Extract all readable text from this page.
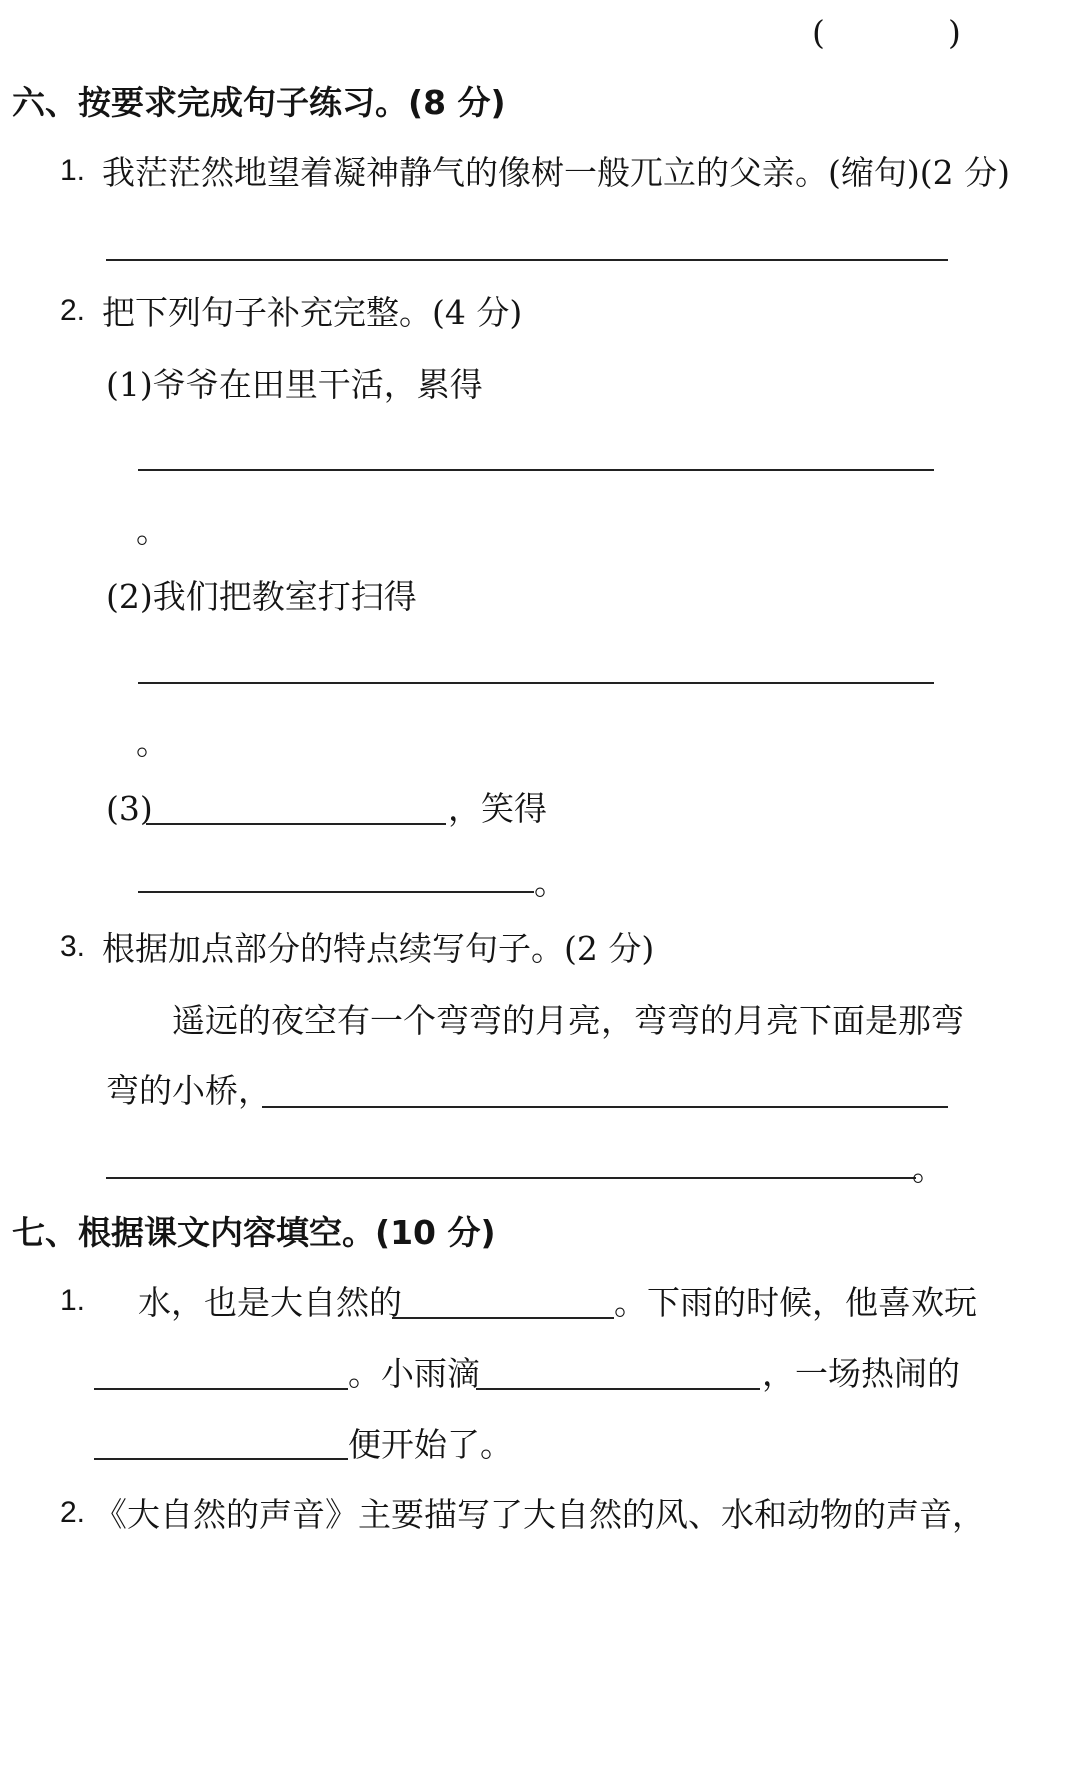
(	)
六、按要求完成句子练习。(8 分)
1. 我茫茫然地望着凝神静气的像树一般兀立的父亲。(缩句)(2 分)
2. 把下列句子补充完整。(4 分)
(1)爷爷在田里干活，累得
。
(2)我们把教室打扫得
。
(3)	，笑得
。
3. 根据加点部分的特点续写句子。(2 分)
遥远的夜空有一个弯弯的月亮，弯弯的月亮下面是那弯
弯的小桥，
。
七、根据课文内容填空。(10 分)
1. 水，也是大自然的	。下雨的时候，他喜欢玩
。小雨滴	，一场热闹的
便开始了。
2. 《大自然的声音》主要描写了大自然的风、水和动物的声音，
